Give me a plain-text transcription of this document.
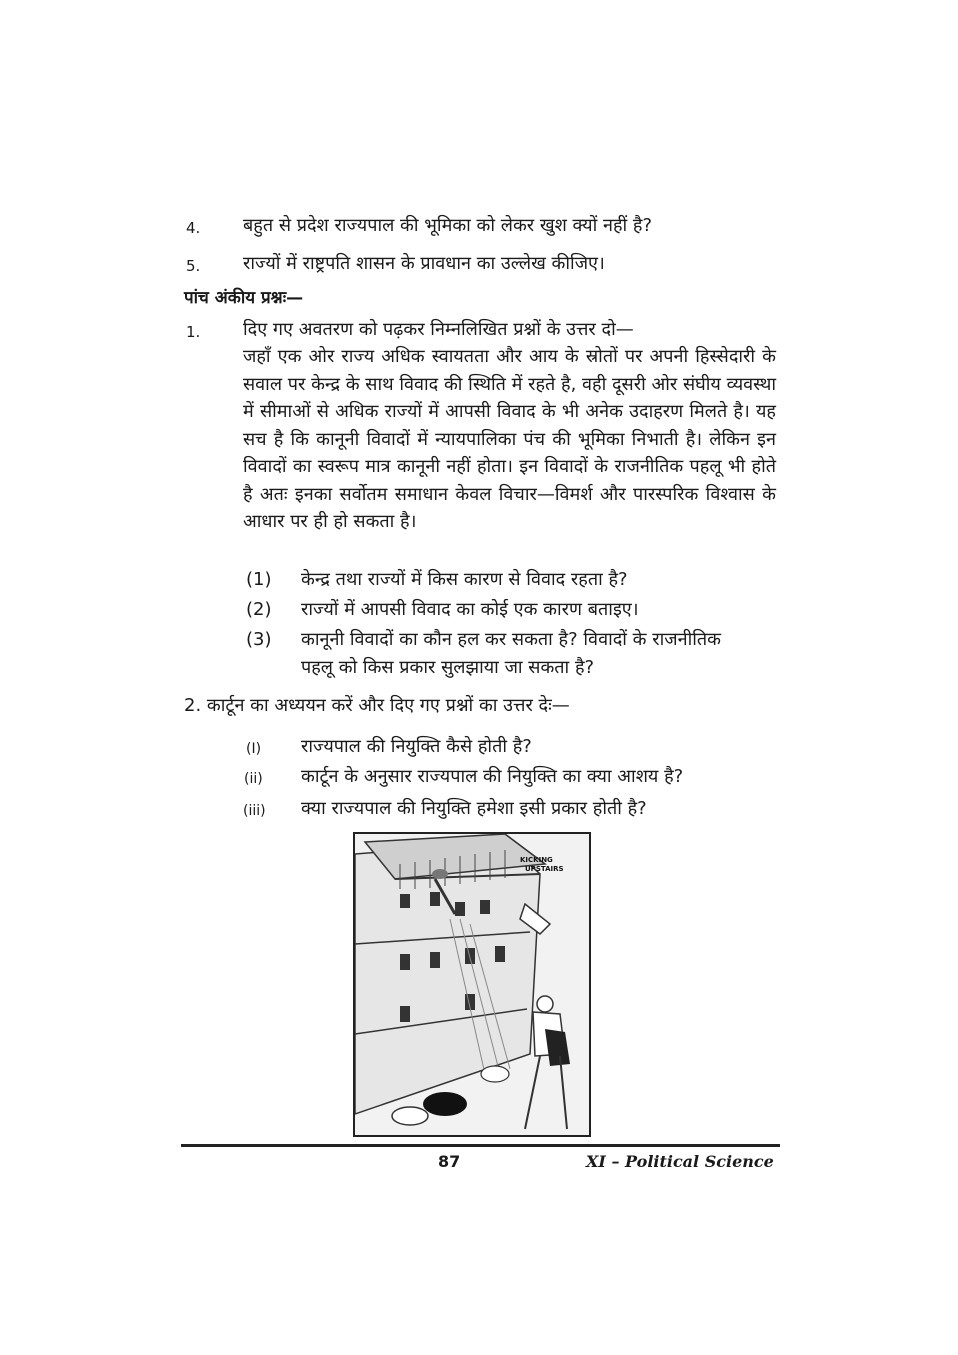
4. बहुत से प्रदेश राज्यपाल की भूमिका को लेकर खुश क्यों नहीं है?
5. राज्यों में राष्ट्रपति शासन के प्रावधान का उल्लेख कीजिए।
पांच अंकीय प्रश्नः—
1. दिए गए अवतरण को पढ़कर निम्नलिखित प्रश्नों के उत्तर दो—
जहाँ एक ओर राज्य अधिक स्वायतता और आय के स्रोतों पर अपनी हिस्सेदारी के सवाल पर केन्द्र के साथ विवाद की स्थिति में रहते है, वही दूसरी ओर संघीय व्यवस्था में सीमाओं से अधिक राज्यों में आपसी विवाद के भी अनेक उदाहरण मिलते है। यह सच है कि कानूनी विवादों में न्यायपालिका पंच की भूमिका निभाती है। लेकिन इन विवादों का स्वरूप मात्र कानूनी नहीं होता। इन विवादों के राजनीतिक पहलू भी होते है अतः इनका सर्वोतम समाधान केवल विचार—विमर्श और पारस्परिक विश्वास के आधार पर ही हो सकता है।
(1) केन्द्र तथा राज्यों में किस कारण से विवाद रहता है?
(2) राज्यों में आपसी विवाद का कोई एक कारण बताइए।
(3) कानूनी विवादों का कौन हल कर सकता है? विवादों के राजनीतिक
पहलू को किस प्रकार सुलझाया जा सकता है?
2. कार्टून का अध्ययन करें और दिए गए प्रश्नों का उत्तर देः—
(I) राज्यपाल की नियुक्ति कैसे होती है?
(ii) कार्टून के अनुसार राज्यपाल की नियुक्ति का क्या आशय है?
(iii) क्या राज्यपाल की नियुक्ति हमेशा इसी प्रकार होती है?
KICKING
UPSTAIRS
87	XI – Political Science
